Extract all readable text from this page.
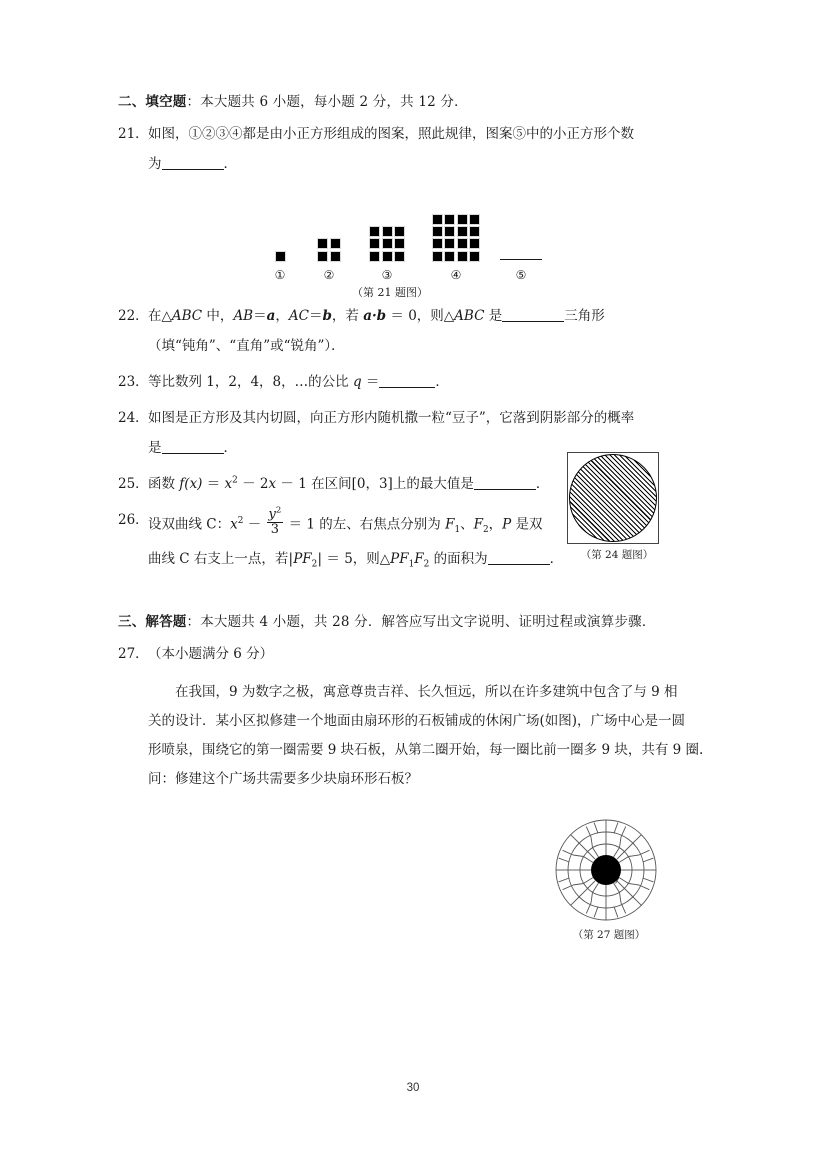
二、填空题：本大题共 6 小题，每小题 2 分，共 12 分．
21． 如图，①②③④都是由小正方形组成的图案，照此规律，图案⑤中的小正方形个数
为	．
①	②	③	④	⑤
（第 21 题图）
22． 在△ABC 中，AB＝a，AC＝b，若 a·b ＝ 0，则△ABC 是	三角形
（填“钝角”、“直角”或“锐角”）．
23． 等比数列 1，2，4，8，…的公比 q ＝	．
24． 如图是正方形及其内切圆，向正方形内随机撒一粒“豆子”，它落到阴影部分的概率
是	．
25． 函数 $f(x) = x^2 - 2x - 1$ 在区间[0，3]上的最大值是	．
26． 设双曲线 C：$x^2 - \frac{y^2}{3} = 1$ 的左、右焦点分别为 $F_1$、$F_2$，P 是双
曲线 C 右支上一点，若$|PF_2| = 5$，则$\triangle PF_1F_2$ 的面积为	．
三、解答题：本大题共 4 小题，共 28 分．解答应写出文字说明、证明过程或演算步骤．
27． （本小题满分 6 分）
在我国，9 为数字之极，寓意尊贵吉祥、长久恒远，所以在许多建筑中包含了与 9 相
关的设计．某小区拟修建一个地面由扇环形的石板铺成的休闲广场(如图)，广场中心是一圆
形喷泉，围绕它的第一圈需要 9 块石板，从第二圈开始，每一圈比前一圈多 9 块，共有 9 圈.
问：修建这个广场共需要多少块扇环形石板？
（第 24 题图）
（第 27 题图）
30
